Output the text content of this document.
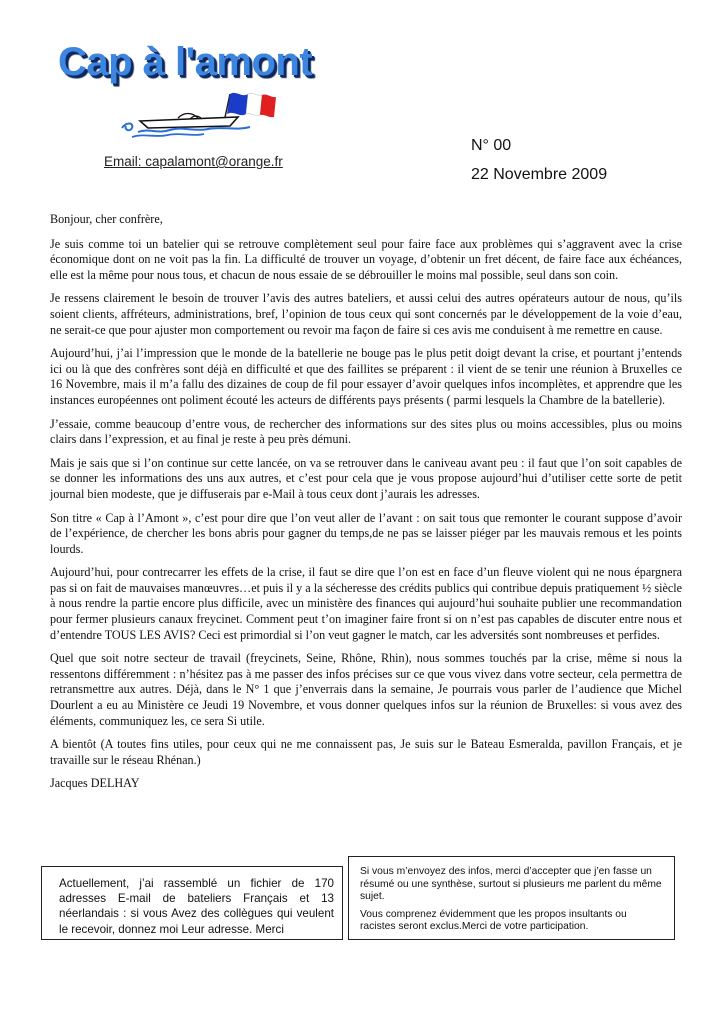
Cap à l'amont
Email: capalamont@orange.fr
N° 00
22 Novembre 2009

Bonjour, cher confrère,

Je suis comme toi un batelier qui se retrouve complètement seul pour faire face aux problèmes qui s’aggravent avec la crise économique dont on ne voit pas la fin. La difficulté de trouver un voyage, d’obtenir un fret décent, de faire face aux échéances, elle est la même pour nous tous, et chacun de nous essaie de se débrouiller le moins mal possible, seul dans son coin.

Je ressens clairement le besoin de trouver l’avis des autres bateliers, et aussi celui des autres opérateurs autour de nous, qu’ils soient clients, affréteurs, administrations, bref, l’opinion de tous ceux qui sont concernés par le développement de la voie d’eau, ne serait-ce que pour ajuster mon comportement ou revoir ma façon de faire si ces avis me conduisent à me remettre en cause.

Aujourd’hui, j’ai l’impression que le monde de la batellerie ne bouge pas le plus petit doigt devant la crise, et pourtant j’entends ici ou là que des confrères sont déjà en difficulté et que des faillites se préparent : il vient de se tenir une réunion à Bruxelles ce 16 Novembre, mais il m’a fallu des dizaines de coup de fil pour essayer d’avoir quelques infos incomplètes, et apprendre que les instances européennes ont poliment écouté les acteurs de différents pays présents ( parmi lesquels la Chambre de la batellerie).

J’essaie, comme beaucoup d’entre vous, de rechercher des informations sur des sites plus ou moins accessibles, plus ou moins clairs dans l’expression, et au final je reste à peu près démuni.

Mais je sais que si l’on continue sur cette lancée, on va se retrouver dans le caniveau avant peu : il faut que l’on soit capables de se donner les informations des uns aux autres, et c’est pour cela que je vous propose aujourd’hui d’utiliser cette sorte de petit journal bien modeste, que je diffuserais par e-Mail à tous ceux dont j’aurais les adresses.

Son titre « Cap à l’Amont », c’est pour dire que l’on veut aller de l’avant : on sait tous que remonter le courant suppose d’avoir de l’expérience, de chercher les bons abris pour gagner du temps,de ne pas se laisser piéger par les mauvais remous et les points lourds.

Aujourd’hui, pour contrecarrer les effets de la crise, il faut se dire que l’on est en face d’un fleuve violent qui ne nous épargnera pas si on fait de mauvaises manœuvres…et puis il y a la sécheresse des crédits publics qui contribue depuis pratiquement ½ siècle à nous rendre la partie encore plus difficile, avec un ministère des finances qui aujourd’hui souhaite publier une recommandation pour fermer plusieurs canaux freycinet. Comment peut t’on imaginer faire front si on n’est pas capables de discuter entre nous et d’entendre TOUS LES AVIS? Ceci est primordial si l’on veut gagner le match, car les adversités sont nombreuses et perfides.

Quel que soit notre secteur de travail (freycinets, Seine, Rhône, Rhin), nous sommes touchés par la crise, même si nous la ressentons différemment : n’hésitez pas à me passer des infos précises sur ce que vous vivez dans votre secteur, cela permettra de retransmettre aux autres. Déjà, dans le N° 1 que j’enverrais dans la semaine, Je pourrais vous parler de l’audience que Michel Dourlent a eu au Ministère ce Jeudi 19 Novembre, et vous donner quelques infos sur la réunion de Bruxelles: si vous avez des éléments, communiquez les, ce sera Si utile.

A bientôt (A toutes fins utiles, pour ceux qui ne me connaissent pas, Je suis sur le Bateau Esmeralda, pavillon Français, et je travaille sur le réseau Rhénan.)

Jacques DELHAY

Actuellement, j’ai rassemblé un fichier de 170 adresses E-mail de bateliers Français et 13 néerlandais : si vous Avez des collègues qui veulent le recevoir, donnez moi Leur adresse. Merci

Si vous m’envoyez des infos, merci d’accepter que j’en fasse un résumé ou une synthèse, surtout si plusieurs me parlent du même sujet.

Vous comprenez évidemment que les propos insultants ou racistes seront exclus.Merci de votre participation.
